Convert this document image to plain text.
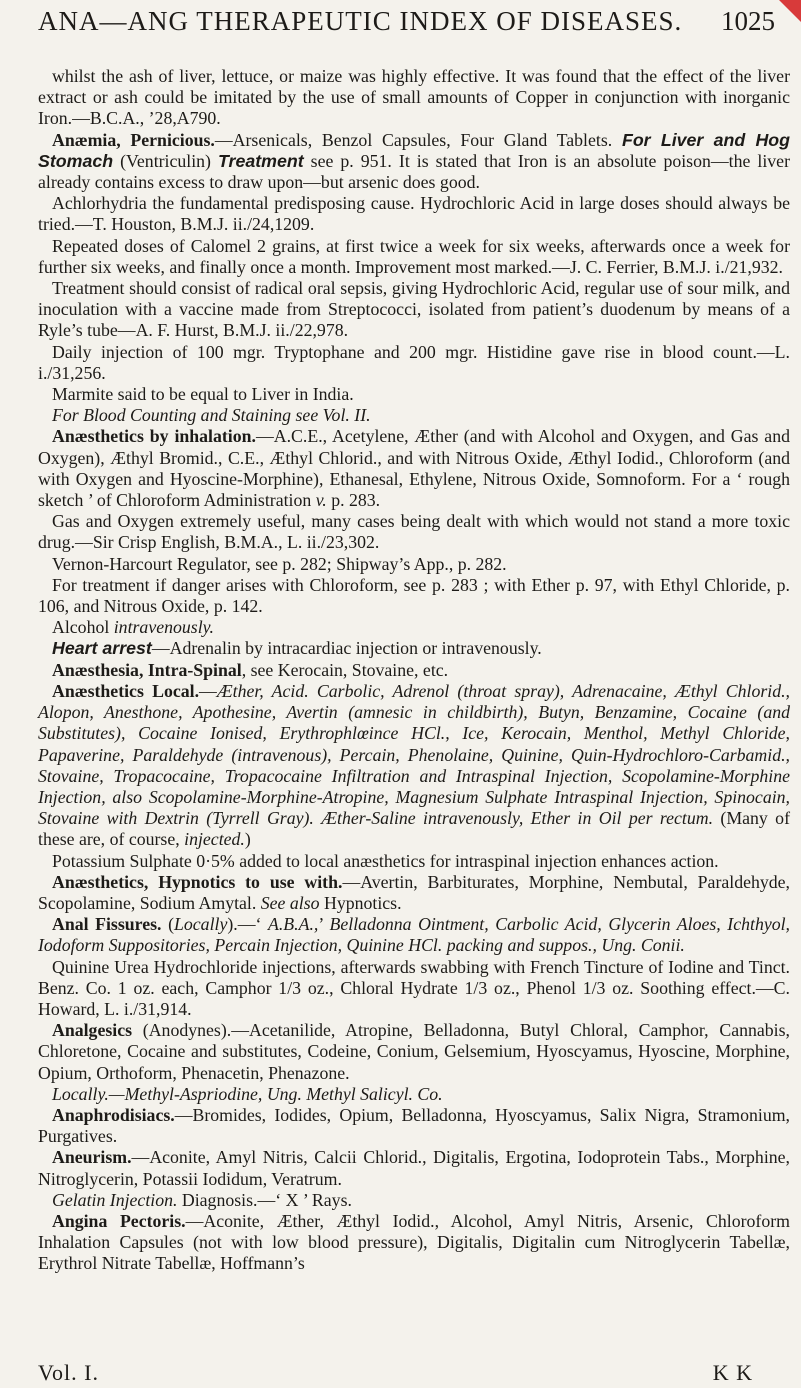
ANA—ANG THERAPEUTIC INDEX OF DISEASES. 1025

whilst the ash of liver, lettuce, or maize was highly effective. It was found that the effect of the liver extract or ash could be imitated by the use of small amounts of Copper in conjunction with inorganic Iron.—B.C.A., ’28,A790.

Anæmia, Pernicious.—Arsenicals, Benzol Capsules, Four Gland Tablets. For Liver and Hog Stomach (Ventriculin) Treatment see p. 951. It is stated that Iron is an absolute poison—the liver already contains excess to draw upon—but arsenic does good.

Achlorhydria the fundamental predisposing cause. Hydrochloric Acid in large doses should always be tried.—T. Houston, B.M.J. ii./24,1209.

Repeated doses of Calomel 2 grains, at first twice a week for six weeks, afterwards once a week for further six weeks, and finally once a month. Improvement most marked.—J. C. Ferrier, B.M.J. i./21,932.

Treatment should consist of radical oral sepsis, giving Hydrochloric Acid, regular use of sour milk, and inoculation with a vaccine made from Streptococci, isolated from patient’s duodenum by means of a Ryle’s tube—A. F. Hurst, B.M.J. ii./22,978.

Daily injection of 100 mgr. Tryptophane and 200 mgr. Histidine gave rise in blood count.—L. i./31,256.

Marmite said to be equal to Liver in India.

For Blood Counting and Staining see Vol. II.

Anæsthetics by inhalation.—A.C.E., Acetylene, Æther (and with Alcohol and Oxygen, and Gas and Oxygen), Æthyl Bromid., C.E., Æthyl Chlorid., and with Nitrous Oxide, Æthyl Iodid., Chloroform (and with Oxygen and Hyoscine-Morphine), Ethanesal, Ethylene, Nitrous Oxide, Somnoform. For a ‘ rough sketch ’ of Chloroform Administration v. p. 283.

Gas and Oxygen extremely useful, many cases being dealt with which would not stand a more toxic drug.—Sir Crisp English, B.M.A., L. ii./23,302.

Vernon-Harcourt Regulator, see p. 282; Shipway’s App., p. 282.

For treatment if danger arises with Chloroform, see p. 283 ; with Ether p. 97, with Ethyl Chloride, p. 106, and Nitrous Oxide, p. 142.

Alcohol intravenously.

Heart arrest—Adrenalin by intracardiac injection or intravenously.

Anæsthesia, Intra-Spinal, see Kerocain, Stovaine, etc.

Anæsthetics Local.—Æther, Acid. Carbolic, Adrenol (throat spray), Adrenacaine, Æthyl Chlorid., Alopon, Anesthone, Apothesine, Avertin (amnesic in childbirth), Butyn, Benzamine, Cocaine (and Substitutes), Cocaine Ionised, Erythrophlœince HCl., Ice, Kerocain, Menthol, Methyl Chloride, Papaverine, Paraldehyde (intravenous), Percain, Phenolaine, Quinine, Quin-Hydrochloro-Carbamid., Stovaine, Tropacocaine, Tropacocaine Infiltration and Intraspinal Injection, Scopolamine-Morphine Injection, also Scopolamine-Morphine-Atropine, Magnesium Sulphate Intraspinal Injection, Spinocain, Stovaine with Dextrin (Tyrrell Gray). Æther-Saline intravenously, Ether in Oil per rectum. (Many of these are, of course, injected.)

Potassium Sulphate 0·5% added to local anæsthetics for intraspinal injection enhances action.

Anæsthetics, Hypnotics to use with.—Avertin, Barbiturates, Morphine, Nembutal, Paraldehyde, Scopolamine, Sodium Amytal. See also Hypnotics.

Anal Fissures. (Locally).—‘ A.B.A.,’ Belladonna Ointment, Carbolic Acid, Glycerin Aloes, Ichthyol, Iodoform Suppositories, Percain Injection, Quinine HCl. packing and suppos., Ung. Conii.

Quinine Urea Hydrochloride injections, afterwards swabbing with French Tincture of Iodine and Tinct. Benz. Co. 1 oz. each, Camphor 1/3 oz., Chloral Hydrate 1/3 oz., Phenol 1/3 oz. Soothing effect.—C. Howard, L. i./31,914.

Analgesics (Anodynes).—Acetanilide, Atropine, Belladonna, Butyl Chloral, Camphor, Cannabis, Chloretone, Cocaine and substitutes, Codeine, Conium, Gelsemium, Hyoscyamus, Hyoscine, Morphine, Opium, Orthoform, Phenacetin, Phenazone.

Locally.—Methyl-Aspriodine, Ung. Methyl Salicyl. Co.

Anaphrodisiacs.—Bromides, Iodides, Opium, Belladonna, Hyoscyamus, Salix Nigra, Stramonium, Purgatives.

Aneurism.—Aconite, Amyl Nitris, Calcii Chlorid., Digitalis, Ergotina, Iodoprotein Tabs., Morphine, Nitroglycerin, Potassii Iodidum, Veratrum.

Gelatin Injection. Diagnosis.—‘ X ’ Rays.

Angina Pectoris.—Aconite, Æther, Æthyl Iodid., Alcohol, Amyl Nitris, Arsenic, Chloroform Inhalation Capsules (not with low blood pressure), Digitalis, Digitalin cum Nitroglycerin Tabellæ, Erythrol Nitrate Tabellæ, Hoffmann’s

Vol. I.	K K
